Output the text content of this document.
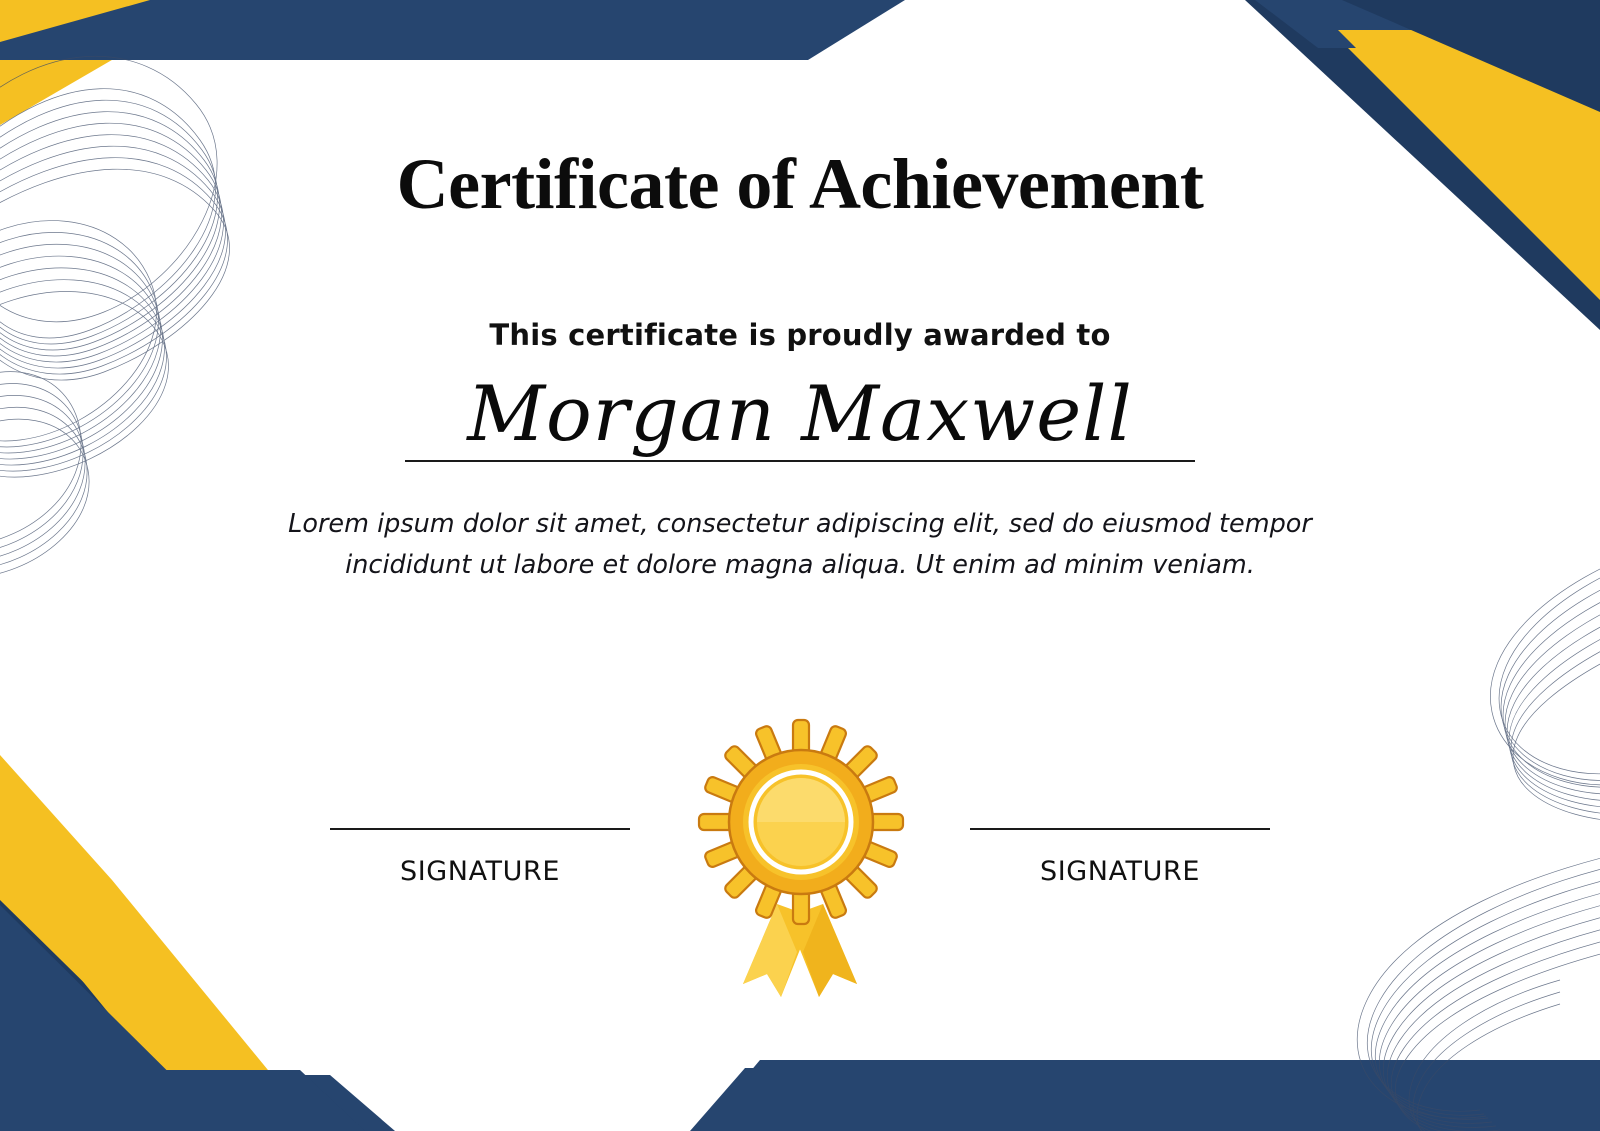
Certificate of Achievement
This certificate is proudly awarded to
Morgan Maxwell
Lorem ipsum dolor sit amet, consectetur adipiscing elit, sed do eiusmod tempor incididunt ut labore et dolore magna aliqua. Ut enim ad minim veniam.
SIGNATURE	SIGNATURE
